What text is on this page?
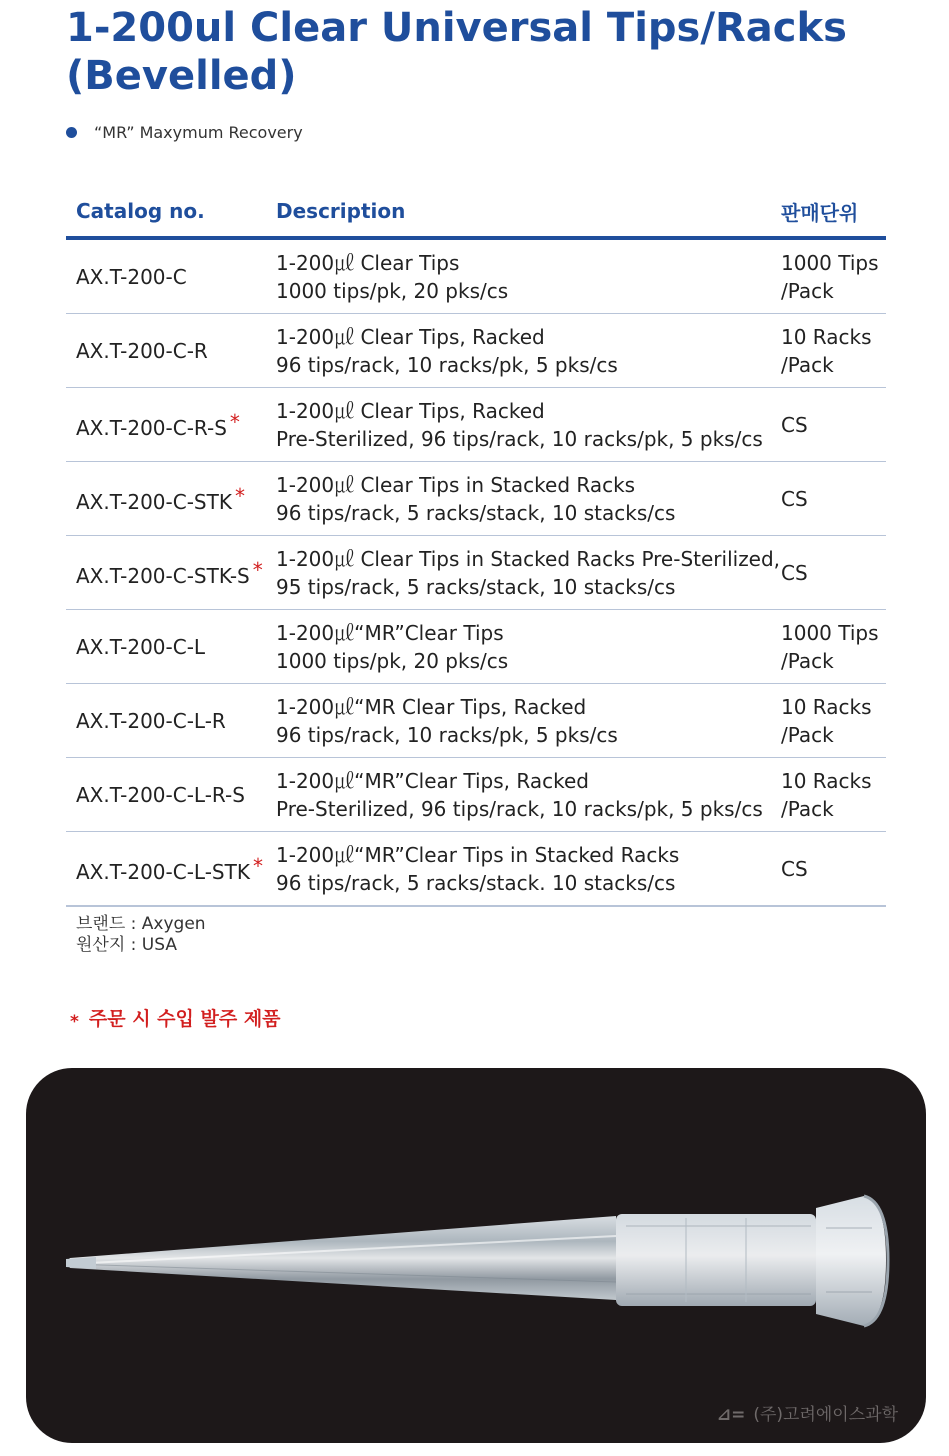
1-200ul Clear Universal Tips/Racks (Bevelled)
“MR” Maxymum Recovery
Catalog no.	Description	판매단위
AX.T-200-C	1-200㎕ Clear Tips
1000 tips/pk, 20 pks/cs	1000 Tips
/Pack

AX.T-200-C-R	1-200㎕ Clear Tips, Racked
96 tips/rack, 10 racks/pk, 5 pks/cs	10 Racks
/Pack

AX.T-200-C-R-S *	1-200㎕ Clear Tips, Racked
Pre-Sterilized, 96 tips/rack, 10 racks/pk, 5 pks/cs	CS

AX.T-200-C-STK *	1-200㎕ Clear Tips in Stacked Racks
96 tips/rack, 5 racks/stack, 10 stacks/cs	CS

AX.T-200-C-STK-S *	1-200㎕ Clear Tips in Stacked Racks Pre-Sterilized,
95 tips/rack, 5 racks/stack, 10 stacks/cs	CS

AX.T-200-C-L	1-200㎕“MR”Clear Tips
1000 tips/pk, 20 pks/cs	1000 Tips
/Pack

AX.T-200-C-L-R	1-200㎕“MR Clear Tips, Racked
96 tips/rack, 10 racks/pk, 5 pks/cs	10 Racks
/Pack

AX.T-200-C-L-R-S	1-200㎕“MR”Clear Tips, Racked
Pre-Sterilized, 96 tips/rack, 10 racks/pk, 5 pks/cs	10 Racks
/Pack

AX.T-200-C-L-STK *	1-200㎕“MR”Clear Tips in Stacked Racks
96 tips/rack, 5 racks/stack. 10 stacks/cs	CS
브랜드 : Axygen
원산지 : USA
* 주문 시 수입 발주 제품
⊿= (주)고려에이스과학
